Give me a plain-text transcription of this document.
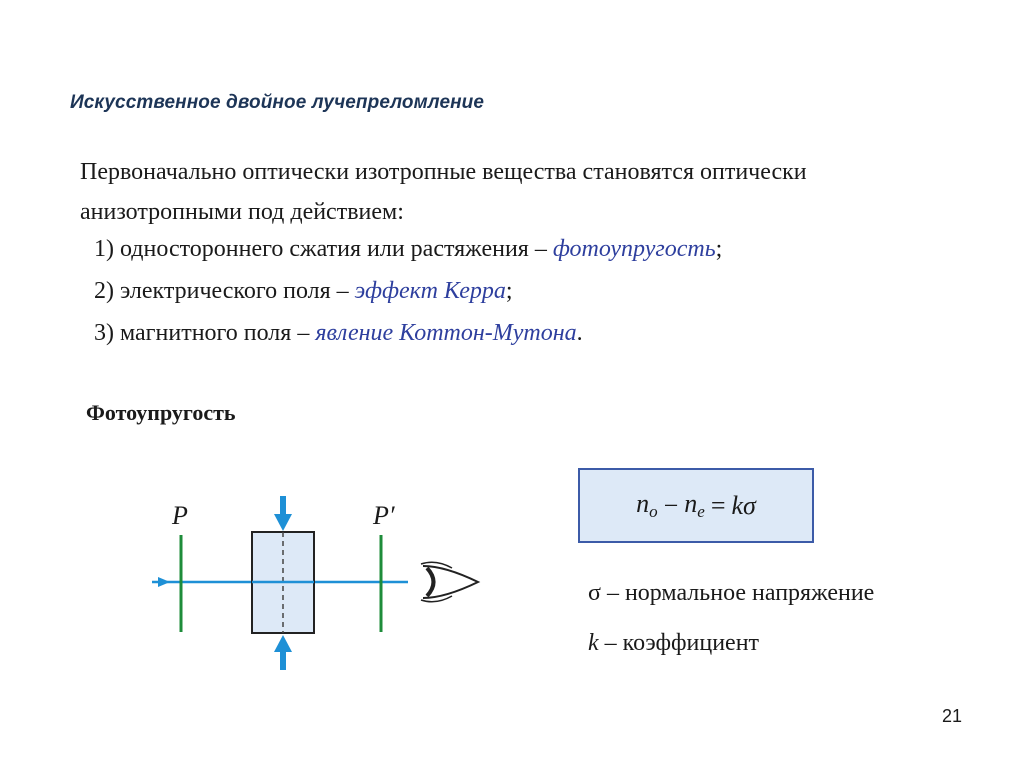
Искусственное двойное лучепреломление
Первоначально оптически изотропные вещества становятся оптически
анизотропными под действием:
1) одностороннего сжатия или растяжения – фотоупругость;
2) электрического поля – эффект Керра;
3) магнитного поля – явление Коттон-Мутона.
Фотоупругость
P	P′	$n_o - n_e = k\sigma$
σ – нормальное напряжение
k – коэффициент
21
